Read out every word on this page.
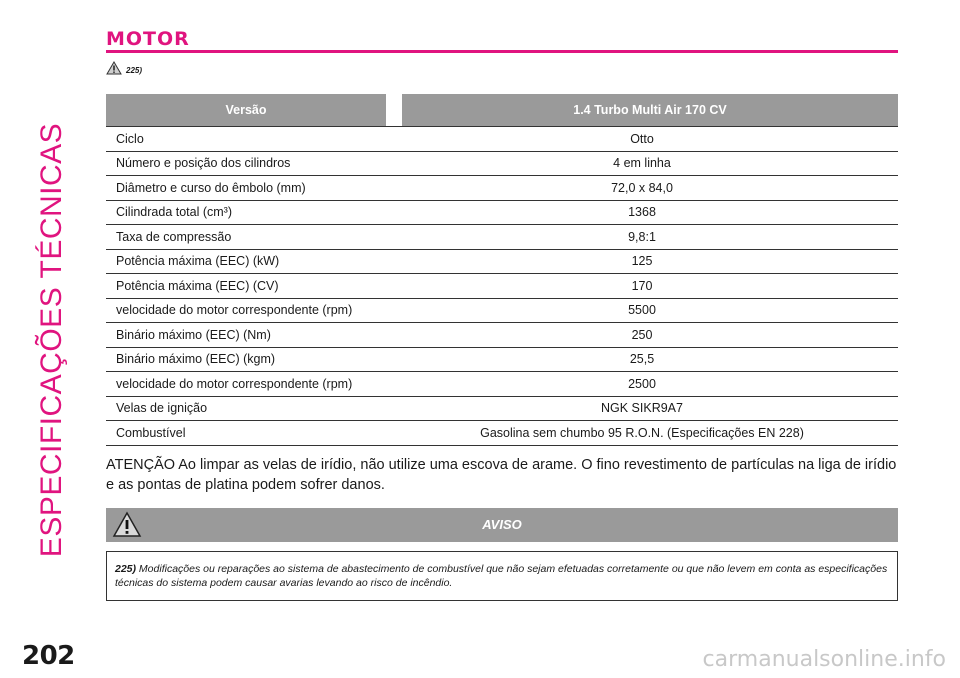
ESPECIFICAÇÕES TÉCNICAS
MOTOR
225)
Versão		1.4 Turbo Multi Air 170 CV
Ciclo	Otto	
Número e posição dos cilindros	4 em linha	
Diâmetro e curso do êmbolo (mm)	72,0 x 84,0	
Cilindrada total (cm³)	1368	
Taxa de compressão	9,8:1	
Potência máxima (EEC) (kW)	125	
Potência máxima (EEC) (CV)	170	
velocidade do motor correspondente (rpm)	5500	
Binário máximo (EEC) (Nm)	250	
Binário máximo (EEC) (kgm)	25,5	
velocidade do motor correspondente (rpm)	2500	
Velas de ignição	NGK SIKR9A7	
Combustível	Gasolina sem chumbo 95 R.O.N. (Especificações EN 228)	

ATENÇÃO Ao limpar as velas de irídio, não utilize uma escova de arame. O fino revestimento de partículas na liga de irídio e as pontas de platina podem sofrer danos.

AVISO

225) Modificações ou reparações ao sistema de abastecimento de combustível que não sejam efetuadas corretamente ou que não levem em conta as especificações técnicas do sistema podem causar avarias levando ao risco de incêndio.

202	carmanualsonline.info
